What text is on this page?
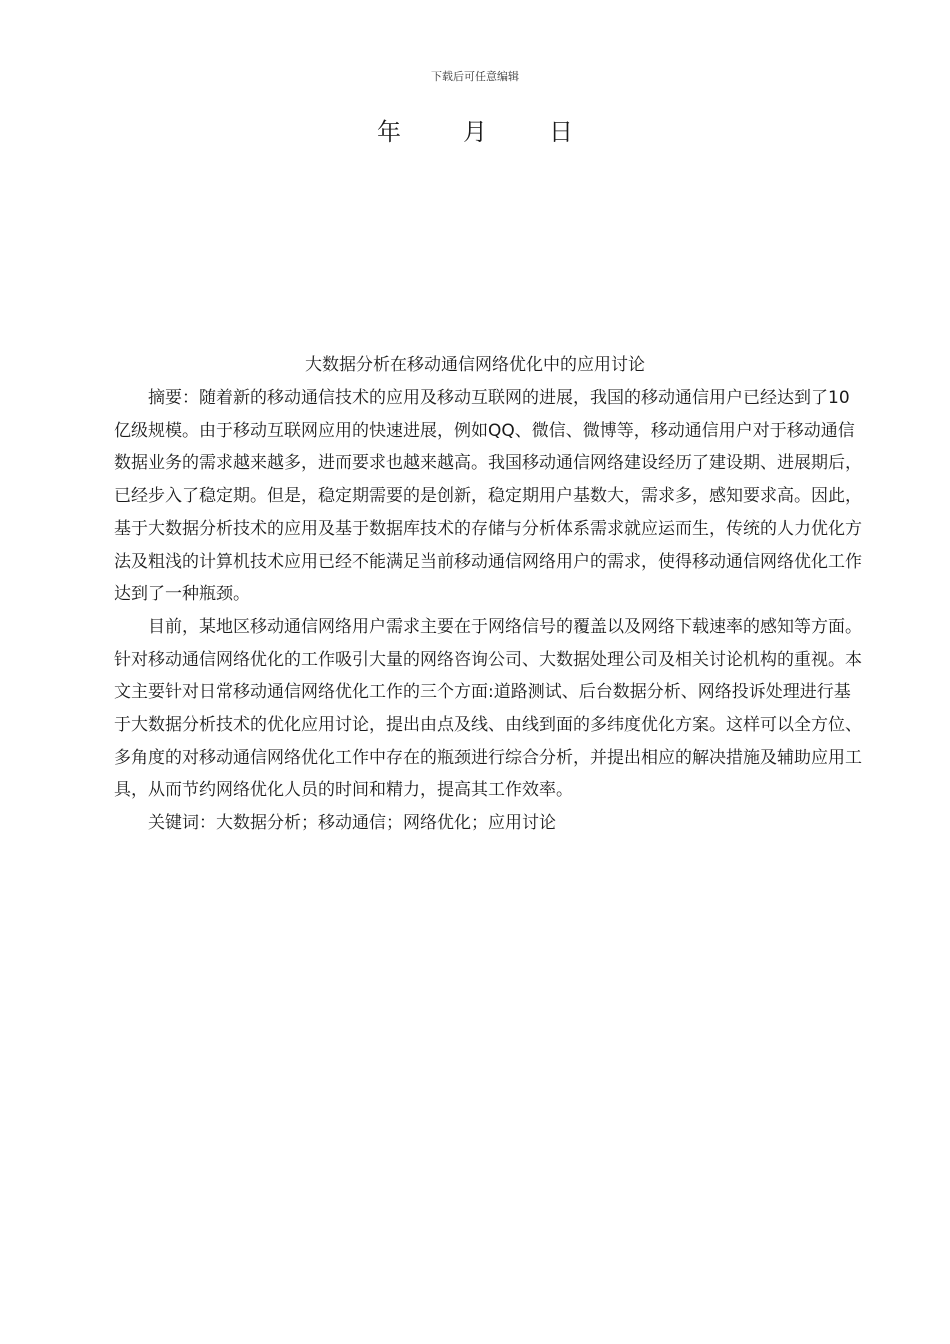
下载后可任意编辑
年	月	日
大数据分析在移动通信网络优化中的应用讨论

摘要：随着新的移动通信技术的应用及移动互联网的进展，我国的移动通信用户已经达到了10亿级规模。由于移动互联网应用的快速进展，例如QQ、微信、微博等，移动通信用户对于移动通信数据业务的需求越来越多，进而要求也越来越高。我国移动通信网络建设经历了建设期、进展期后，已经步入了稳定期。但是，稳定期需要的是创新，稳定期用户基数大，需求多，感知要求高。因此，基于大数据分析技术的应用及基于数据库技术的存储与分析体系需求就应运而生，传统的人力优化方法及粗浅的计算机技术应用已经不能满足当前移动通信网络用户的需求，使得移动通信网络优化工作达到了一种瓶颈。

目前，某地区移动通信网络用户需求主要在于网络信号的覆盖以及网络下载速率的感知等方面。针对移动通信网络优化的工作吸引大量的网络咨询公司、大数据处理公司及相关讨论机构的重视。本文主要针对日常移动通信网络优化工作的三个方面:道路测试、后台数据分析、网络投诉处理进行基于大数据分析技术的优化应用讨论，提出由点及线、由线到面的多纬度优化方案。这样可以全方位、多角度的对移动通信网络优化工作中存在的瓶颈进行综合分析，并提出相应的解决措施及辅助应用工具，从而节约网络优化人员的时间和精力，提高其工作效率。

关键词：大数据分析；移动通信；网络优化；应用讨论
